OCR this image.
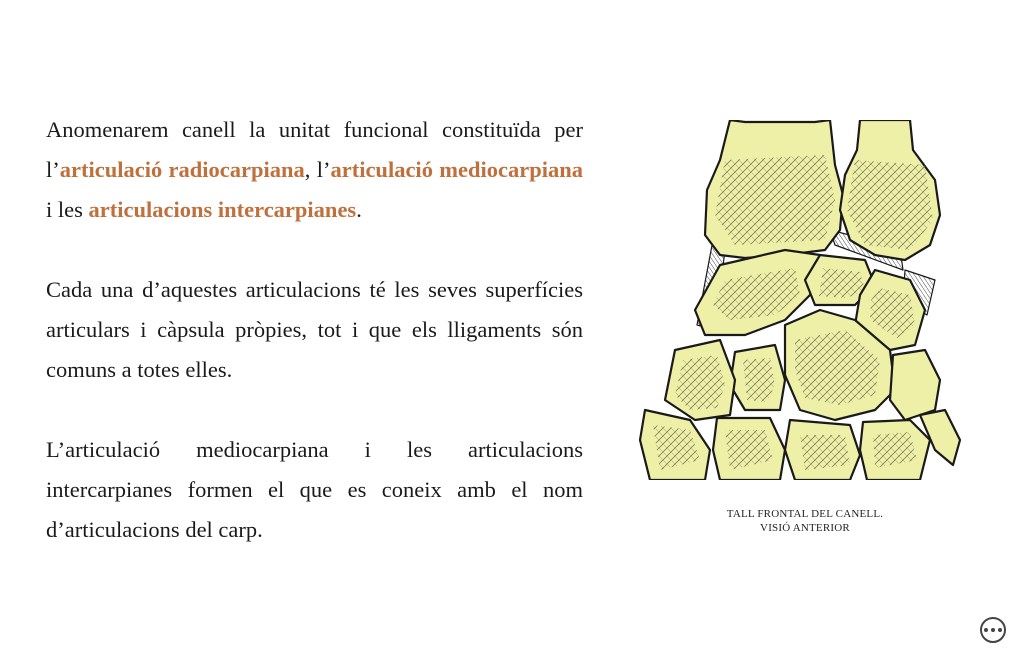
Anomenarem canell la unitat funcional constituïda per l’articulació radiocarpiana, l’articulació mediocarpiana i les articulacions intercarpianes.

Cada una d’aquestes articulacions té les seves superfícies articulars i càpsula pròpies, tot i que els lligaments són comuns a totes elles.

L’articulació mediocarpiana i les articulacions intercarpianes formen el que es coneix amb el nom d’articulacions del carp.

TALL FRONTAL DEL CANELL.
VISIÓ ANTERIOR
